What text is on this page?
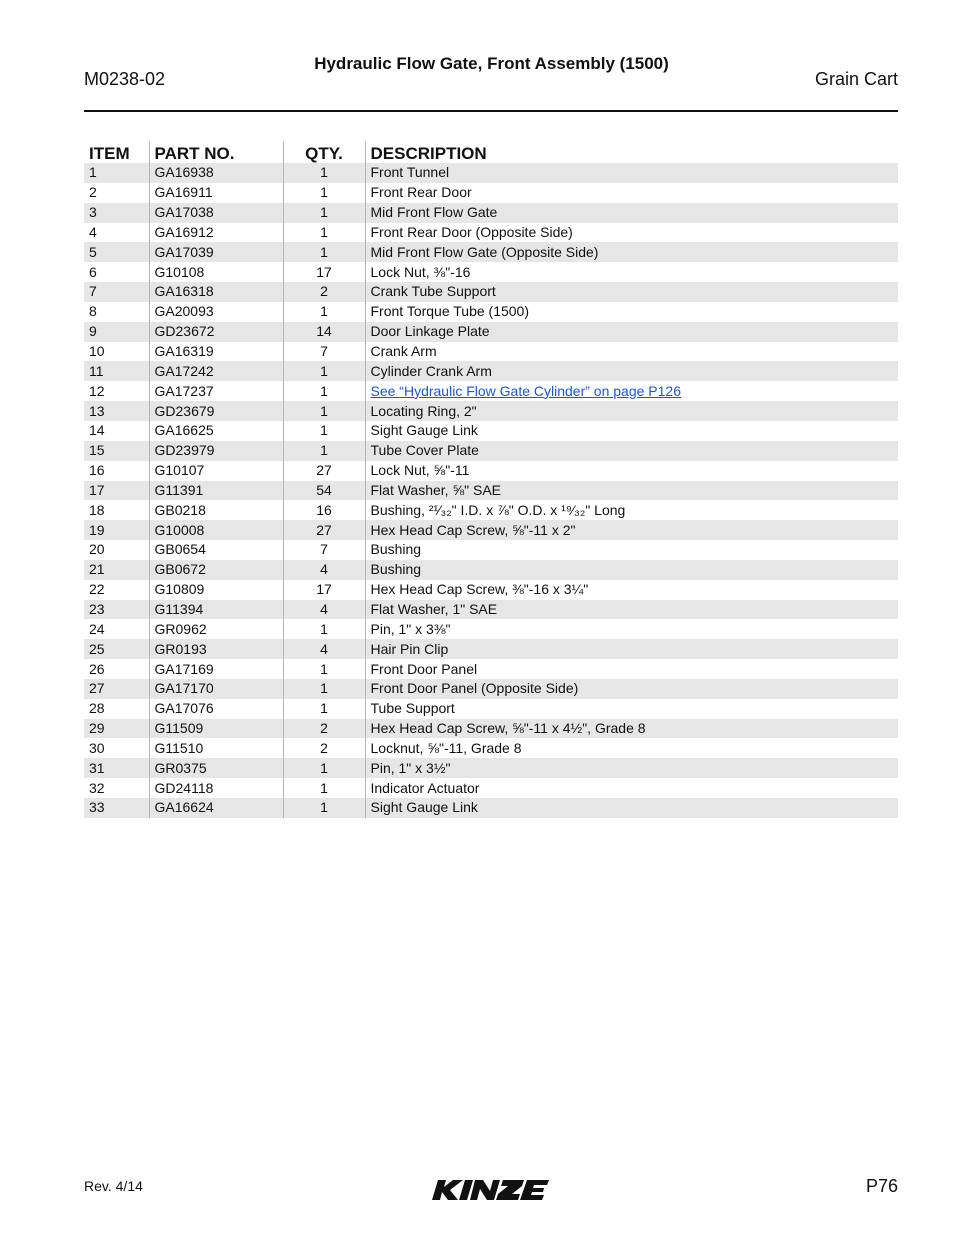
M0238-02
Hydraulic Flow Gate, Front Assembly (1500)
Grain Cart
ITEM	PART NO.	QTY.	DESCRIPTION
1	GA16938	1	Front Tunnel
2	GA16911	1	Front Rear Door
3	GA17038	1	Mid Front Flow Gate
4	GA16912	1	Front Rear Door (Opposite Side)
5	GA17039	1	Mid Front Flow Gate (Opposite Side)
6	G10108	17	Lock Nut, ⅜"-16
7	GA16318	2	Crank Tube Support
8	GA20093	1	Front Torque Tube (1500)
9	GD23672	14	Door Linkage Plate
10	GA16319	7	Crank Arm
11	GA17242	1	Cylinder Crank Arm
12	GA17237	1	See “Hydraulic Flow Gate Cylinder” on page P126
13	GD23679	1	Locating Ring, 2"
14	GA16625	1	Sight Gauge Link
15	GD23979	1	Tube Cover Plate
16	G10107	27	Lock Nut, ⅝"-11
17	G11391	54	Flat Washer, ⅝" SAE
18	GB0218	16	Bushing, ²¹⁄₃₂" I.D. x ⅞" O.D. x ¹⁹⁄₃₂" Long
19	G10008	27	Hex Head Cap Screw, ⅝"-11 x 2"
20	GB0654	7	Bushing
21	GB0672	4	Bushing
22	G10809	17	Hex Head Cap Screw, ⅜"-16 x 3¼"
23	G11394	4	Flat Washer, 1" SAE
24	GR0962	1	Pin, 1" x 3⅜"
25	GR0193	4	Hair Pin Clip
26	GA17169	1	Front Door Panel
27	GA17170	1	Front Door Panel (Opposite Side)
28	GA17076	1	Tube Support
29	G11509	2	Hex Head Cap Screw, ⅝"-11 x 4½", Grade 8
30	G11510	2	Locknut, ⅝"-11, Grade 8
31	GR0375	1	Pin, 1" x 3½"
32	GD24118	1	Indicator Actuator
33	GA16624	1	Sight Gauge Link
Rev. 4/14	P76
